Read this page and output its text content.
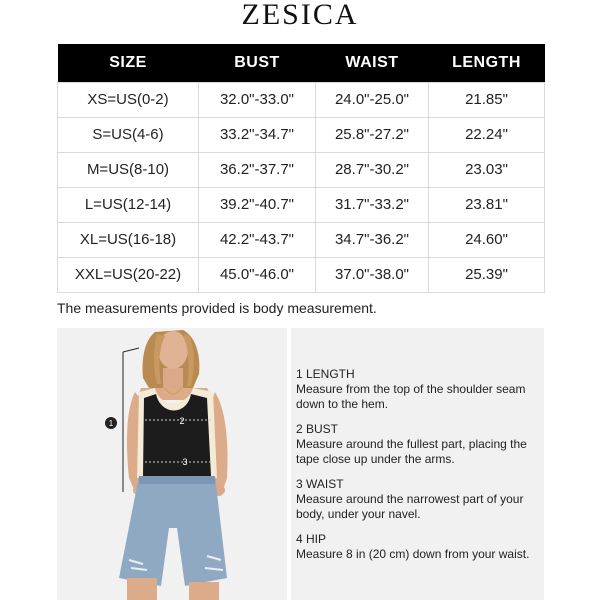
ZESICA
SIZE	BUST	WAIST	LENGTH
XS=US(0-2)	32.0"-33.0"	24.0"-25.0"	21.85"
S=US(4-6)	33.2"-34.7"	25.8"-27.2"	22.24"
M=US(8-10)	36.2"-37.7"	28.7"-30.2"	23.03"
L=US(12-14)	39.2"-40.7"	31.7"-33.2"	23.81"
XL=US(16-18)	42.2"-43.7"	34.7"-36.2"	24.60"
XXL=US(20-22)	45.0"-46.0"	37.0"-38.0"	25.39"
The measurements provided is body measurement.
1	2
3
1 LENGTH
Measure from the top of the shoulder seam down to the hem.
2 BUST
Measure around the fullest part, placing the tape close up under the arms.
3 WAIST
Measure around the narrowest part of your body, under your navel.
4 HIP
Measure 8 in (20 cm) down from your waist.
